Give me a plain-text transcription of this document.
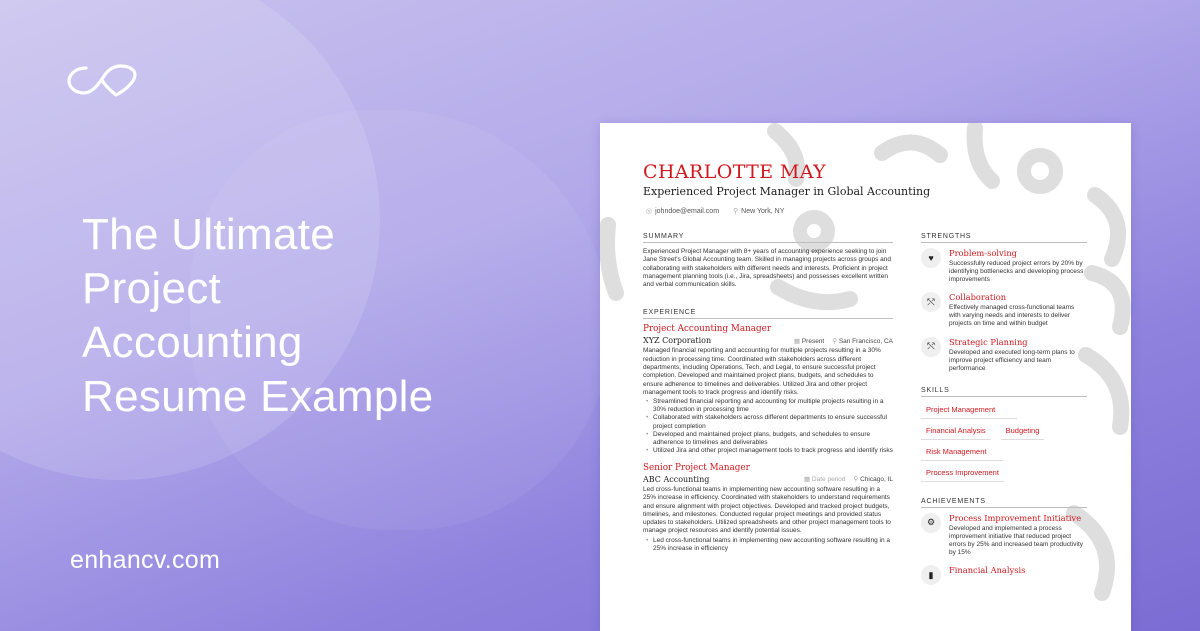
The Ultimate
Project
Accounting
Resume Example
enhancv.com
CHARLOTTE MAY
Experienced Project Manager in Global Accounting
◎ johndoe@email.com ⚲ New York, NY
SUMMARY
Experienced Project Manager with 8+ years of accounting experience seeking to join Jane Street's Global Accounting team. Skilled in managing projects across groups and collaborating with stakeholders with different needs and interests. Proficient in project management planning tools (i.e., Jira, spreadsheets) and possesses excellent written and verbal communication skills.
EXPERIENCE
Project Accounting Manager
XYZ Corporation	▦ Present ⚲ San Francisco, CA
Managed financial reporting and accounting for multiple projects resulting in a 30% reduction in processing time. Coordinated with stakeholders across different departments, including Operations, Tech, and Legal, to ensure successful project completion. Developed and maintained project plans, budgets, and schedules to ensure adherence to timelines and deliverables. Utilized Jira and other project management tools to track progress and identify risks.
• Streamlined financial reporting and accounting for multiple projects resulting in a 30% reduction in processing time
• Collaborated with stakeholders across different departments to ensure successful project completion
• Developed and maintained project plans, budgets, and schedules to ensure adherence to timelines and deliverables
• Utilized Jira and other project management tools to track progress and identify risks
Senior Project Manager
ABC Accounting	▦ Date period ⚲ Chicago, IL
Led cross-functional teams in implementing new accounting software resulting in a 25% increase in efficiency. Coordinated with stakeholders to understand requirements and ensure alignment with project objectives. Developed and tracked project budgets, timelines, and milestones. Conducted regular project meetings and provided status updates to stakeholders. Utilized spreadsheets and other project management tools to manage project resources and identify potential issues.
• Led cross-functional teams in implementing new accounting software resulting in a 25% increase in efficiency
STRENGTHS
♥	Problem-solving
Successfully reduced project errors by 20% by identifying bottlenecks and developing process improvements
⤲	Collaboration
Effectively managed cross-functional teams with varying needs and interests to deliver projects on time and within budget
⤲	Strategic Planning
Developed and executed long-term plans to improve project efficiency and team performance
SKILLS
Project Management
Financial Analysis	Budgeting
Risk Management
Process Improvement
ACHIEVEMENTS
⚙	Process Improvement Initiative
Developed and implemented a process improvement initiative that reduced project errors by 25% and increased team productivity by 15%
▮	Financial Analysis
